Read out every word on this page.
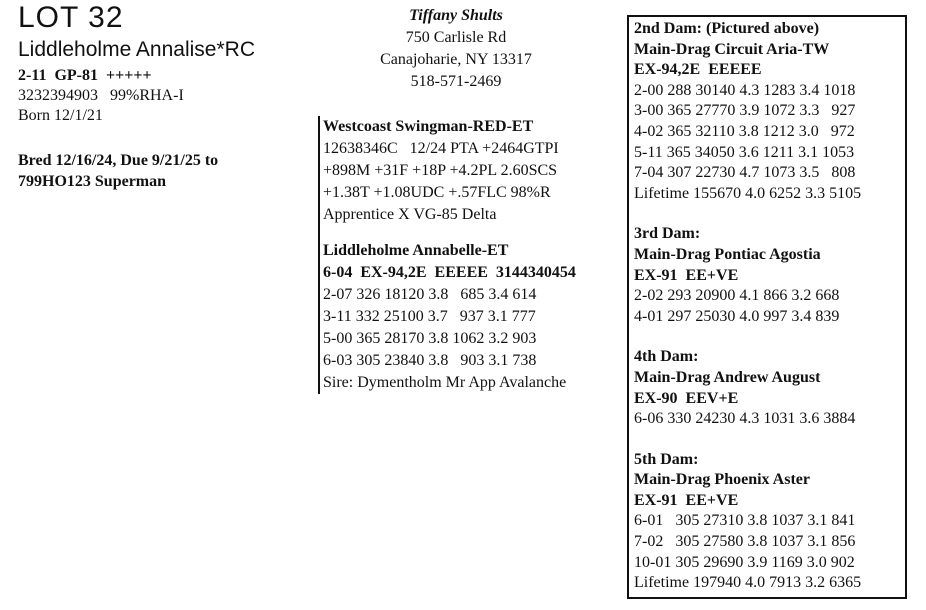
LOT 32
Liddleholme Annalise*RC
2-11  GP-81  +++++
3232394903   99%RHA-I
Born 12/1/21
Bred 12/16/24, Due 9/21/25 to
799HO123 Superman
Tiffany Shults
750 Carlisle Rd
Canajoharie, NY 13317
518-571-2469
Westcoast Swingman-RED-ET
12638346C   12/24 PTA +2464GTPI
+898M +31F +18P +4.2PL 2.60SCS
+1.38T +1.08UDC +.57FLC 98%R
Apprentice X VG-85 Delta
Liddleholme Annabelle-ET
6-04  EX-94,2E  EEEEE  3144340454
2-07 326 18120 3.8   685 3.4 614
3-11 332 25100 3.7   937 3.1 777
5-00 365 28170 3.8 1062 3.2 903
6-03 305 23840 3.8   903 3.1 738
Sire: Dymentholm Mr App Avalanche
2nd Dam: (Pictured above)
Main-Drag Circuit Aria-TW
EX-94,2E  EEEEE
2-00 288 30140 4.3 1283 3.4 1018
3-00 365 27770 3.9 1072 3.3   927
4-02 365 32110 3.8 1212 3.0   972
5-11 365 34050 3.6 1211 3.1 1053
7-04 307 22730 4.7 1073 3.5   808
Lifetime 155670 4.0 6252 3.3 5105
3rd Dam:
Main-Drag Pontiac Agostia
EX-91  EE+VE
2-02 293 20900 4.1 866 3.2 668
4-01 297 25030 4.0 997 3.4 839
4th Dam:
Main-Drag Andrew August
EX-90  EEV+E
6-06 330 24230 4.3 1031 3.6 3884
5th Dam:
Main-Drag Phoenix Aster
EX-91  EE+VE
6-01   305 27310 3.8 1037 3.1 841
7-02   305 27580 3.8 1037 3.1 856
10-01 305 29690 3.9 1169 3.0 902
Lifetime 197940 4.0 7913 3.2 6365
